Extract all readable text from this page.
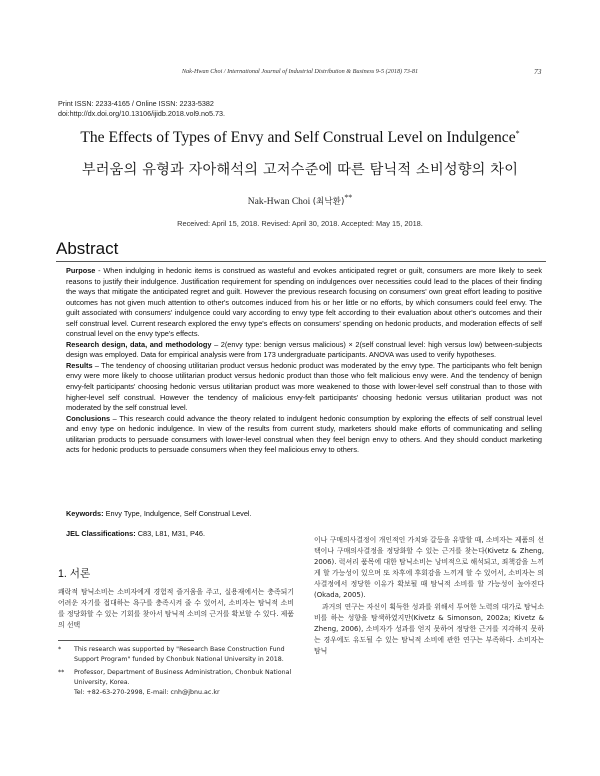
Nak-Hwan Choi / International Journal of Industrial Distribution & Business 9-5 (2018) 73-81	73
Print ISSN: 2233-4165 / Online ISSN: 2233-5382
doi:http://dx.doi.org/10.13106/ijidb.2018.vol9.no5.73.
The Effects of Types of Envy and Self Construal Level on Indulgence*
부러움의 유형과 자아해석의 고저수준에 따른 탐닉적 소비성향의 차이
Nak-Hwan Choi (최낙환)**
Received: April 15, 2018. Revised: April 30, 2018. Accepted: May 15, 2018.
Abstract

Purpose - When indulging in hedonic items is construed as wasteful and evokes anticipated regret or guilt, consumers are more likely to seek reasons to justify their indulgence. Justification requirement for spending on indulgences over necessities could lead to the places of their finding the ways that mitigate the anticipated regret and guilt. However the previous research focusing on consumers' own great effort leading to positive outcomes has not given much attention to other's outcomes induced from his or her little or no efforts, by which consumers could feel envy. The guilt associated with consumers' indulgence could vary according to envy type felt according to their evaluation about other's outcomes and their self construal level. Current research explored the envy type's effects on consumers' spending on hedonic products, and moderation effects of self construal level on the envy type's effects.

Research design, data, and methodology – 2(envy type: benign versus malicious) × 2(self construal level: high versus low) between-subjects design was employed. Data for empirical analysis were from 173 undergraduate participants. ANOVA was used to verify hypotheses.

Results – The tendency of choosing utilitarian product versus hedonic product was moderated by the envy type. The participants who felt benign envy were more likely to choose utilitarian product versus hedonic product than those who felt malicious envy were. And the tendency of benign envy-felt participants' choosing hedonic versus utilitarian product was more weakened to those with lower-level self construal than to those with higher-level self construal. However the tendency of malicious envy-felt participants' choosing hedonic versus utilitarian product was not moderated by the self construal level.

Conclusions – This research could advance the theory related to indulgent hedonic consumption by exploring the effects of self construal level and envy type on hedonic indulgence. In view of the results from current study, marketers should make efforts of communicating and selling utilitarian products to persuade consumers with lower-level construal when they feel benign envy to others. And they should conduct marketing acts for hedonic products to persuade consumers when they feel malicious envy to others.

Keywords: Envy Type, Indulgence, Self Construal Level.
JEL Classifications: C83, L81, M31, P46.
1. 서론

쾌락적 탐닉소비는 소비자에게 경험적 즐거움을 주고, 실용재에서는 충족되기 어려운 자기를 접대하는 욕구를 충족시켜 줄 수 있어서, 소비자는 탐닉적 소비를 정당화할 수 있는 기회를 찾아서 탐닉적 소비의 근거를 확보할 수 있다. 제품의 선택

* This research was supported by "Research Base Construction Fund Support Program" funded by Chonbuk National University in 2018.
** Professor, Department of Business Administration, Chonbuk National University, Korea.
Tel: +82-63-270-2998, E-mail: cnh@jbnu.ac.kr

이나 구매의사결정이 개인적인 가치와 갈등을 유발할 때, 소비자는 제품의 선택이나 구매의사결정을 정당화할 수 있는 근거를 찾는다(Kivetz & Zheng, 2006). 럭셔리 품목에 대한 탐닉소비는 낭비적으로 해석되고, 죄책감을 느끼게 할 가능성이 있으며 또 차후에 후회감을 느끼게 할 수 있어서, 소비자는 의사결정에서 정당한 이유가 확보될 때 탐닉적 소비를 할 가능성이 높아진다(Okada, 2005).

과거의 연구는 자신이 획득한 성과를 위해서 투여한 노력의 대가로 탐닉소비를 하는 성향을 탐색하였지만(Kivetz & Simonson, 2002a; Kivetz & Zheng, 2006), 소비자가 성과를 얻지 못하여 정당한 근거를 지각하지 못하는 경우에도 유도될 수 있는 탐닉적 소비에 관한 연구는 부족하다. 소비자는 탐닉
